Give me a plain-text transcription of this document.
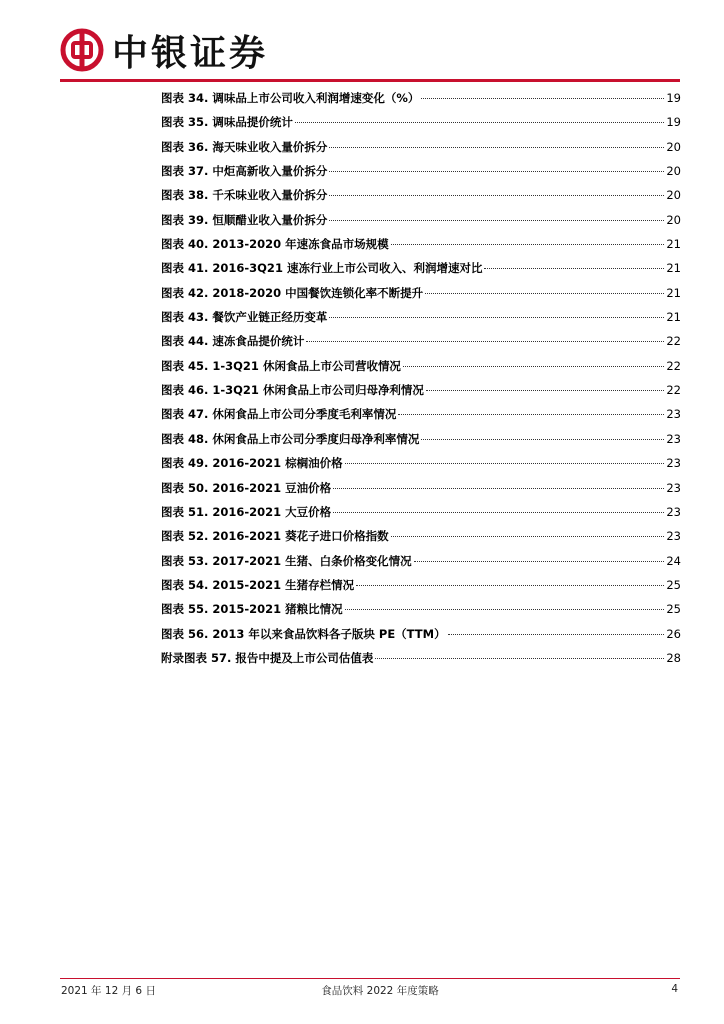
中银证券
图表 34. 调味品上市公司收入利润增速变化（%）	19
图表 35. 调味品提价统计	19
图表 36. 海天味业收入量价拆分	20
图表 37. 中炬高新收入量价拆分	20
图表 38. 千禾味业收入量价拆分	20
图表 39. 恒顺醋业收入量价拆分	20
图表 40. 2013-2020 年速冻食品市场规模	21
图表 41. 2016-3Q21 速冻行业上市公司收入、利润增速对比	21
图表 42. 2018-2020 中国餐饮连锁化率不断提升	21
图表 43. 餐饮产业链正经历变革	21
图表 44. 速冻食品提价统计	22
图表 45. 1-3Q21 休闲食品上市公司营收情况	22
图表 46. 1-3Q21 休闲食品上市公司归母净利情况	22
图表 47. 休闲食品上市公司分季度毛利率情况	23
图表 48. 休闲食品上市公司分季度归母净利率情况	23
图表 49. 2016-2021 棕榈油价格	23
图表 50. 2016-2021 豆油价格	23
图表 51. 2016-2021 大豆价格	23
图表 52. 2016-2021 葵花子进口价格指数	23
图表 53. 2017-2021 生猪、白条价格变化情况	24
图表 54. 2015-2021 生猪存栏情况	25
图表 55. 2015-2021 猪粮比情况	25
图表 56. 2013 年以来食品饮料各子版块 PE（TTM）	26
附录图表 57. 报告中提及上市公司估值表	28
2021 年 12 月 6 日	食品饮料 2022 年度策略	4
